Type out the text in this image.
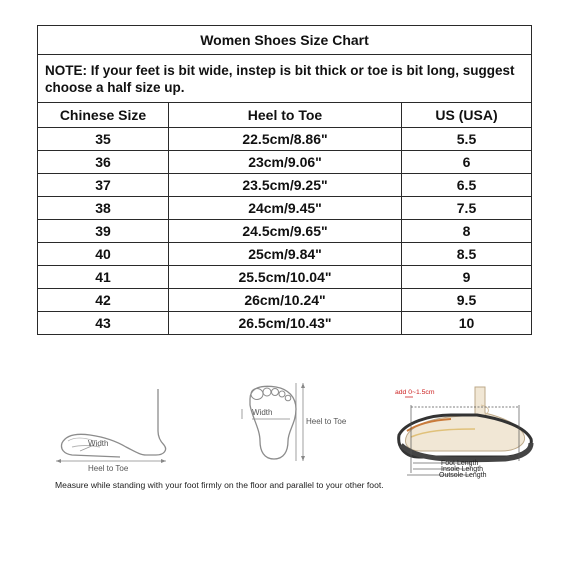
Women Shoes Size Chart		
NOTE: If your feet is bit wide, instep is bit thick or toe is bit long, suggest choose a half size up.		
Chinese Size	Heel to Toe	US (USA)
35	22.5cm/8.86"	5.5
36	23cm/9.06"	6
37	23.5cm/9.25"	6.5
38	24cm/9.45"	7.5
39	24.5cm/9.65"	8
40	25cm/9.84"	8.5
41	25.5cm/10.04"	9
42	26cm/10.24"	9.5
43	26.5cm/10.43"	10
Width
Heel to Toe
Width
Heel to Toe
add 0~1.5cm
Foot Length
Insole Length
Outsole Length
Measure while standing with your foot firmly on the floor and parallel to your other foot.
